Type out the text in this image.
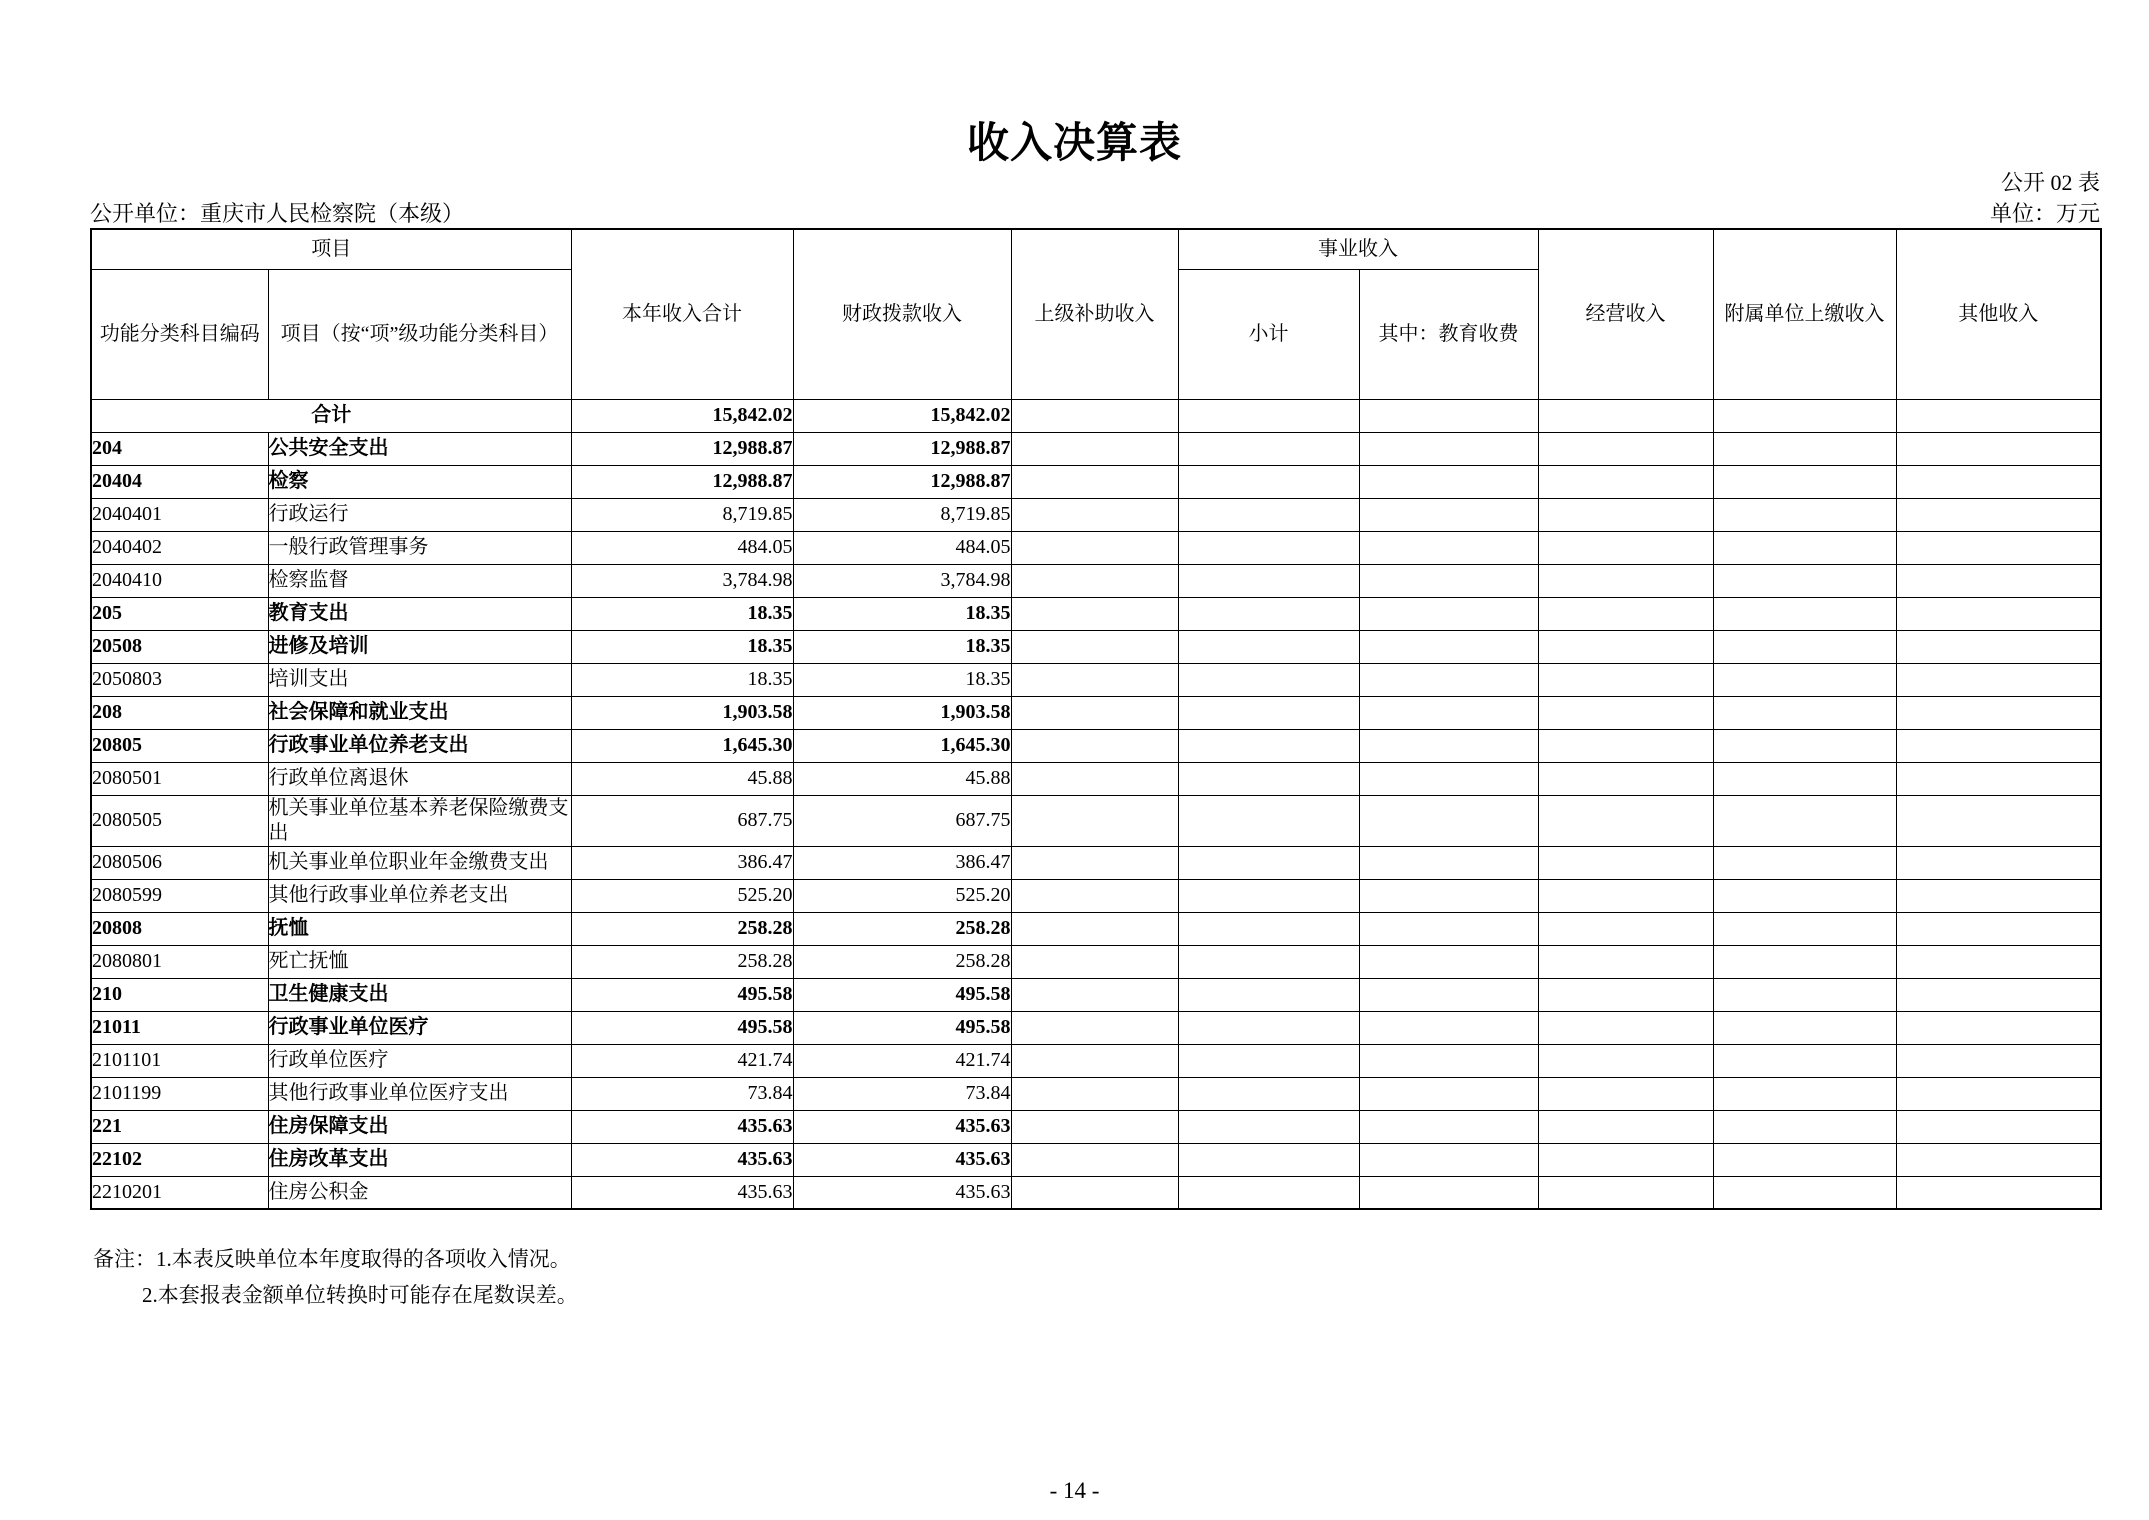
收入决算表
公开 02 表
公开单位：重庆市人民检察院（本级）	单位：万元
项目		本年收入合计	财政拨款收入	上级补助收入	事业收入		经营收入	附属单位上缴收入	其他收入
功能分类科目编码	项目（按“项”级功能分类科目）				小计	其中：教育收费			
合计		15,842.02	15,842.02						
204	公共安全支出	12,988.87	12,988.87						
20404	检察	12,988.87	12,988.87						
2040401	行政运行	8,719.85	8,719.85						
2040402	一般行政管理事务	484.05	484.05						
2040410	检察监督	3,784.98	3,784.98						
205	教育支出	18.35	18.35						
20508	进修及培训	18.35	18.35						
2050803	培训支出	18.35	18.35						
208	社会保障和就业支出	1,903.58	1,903.58						
20805	行政事业单位养老支出	1,645.30	1,645.30						
2080501	行政单位离退休	45.88	45.88						
2080505	机关事业单位基本养老保险缴费支出	687.75	687.75						
2080506	机关事业单位职业年金缴费支出	386.47	386.47						
2080599	其他行政事业单位养老支出	525.20	525.20						
20808	抚恤	258.28	258.28						
2080801	死亡抚恤	258.28	258.28						
210	卫生健康支出	495.58	495.58						
21011	行政事业单位医疗	495.58	495.58						
2101101	行政单位医疗	421.74	421.74						
2101199	其他行政事业单位医疗支出	73.84	73.84						
221	住房保障支出	435.63	435.63						
22102	住房改革支出	435.63	435.63						
2210201	住房公积金	435.63	435.63						
备注：1.本表反映单位本年度取得的各项收入情况。
2.本套报表金额单位转换时可能存在尾数误差。
- 14 -
